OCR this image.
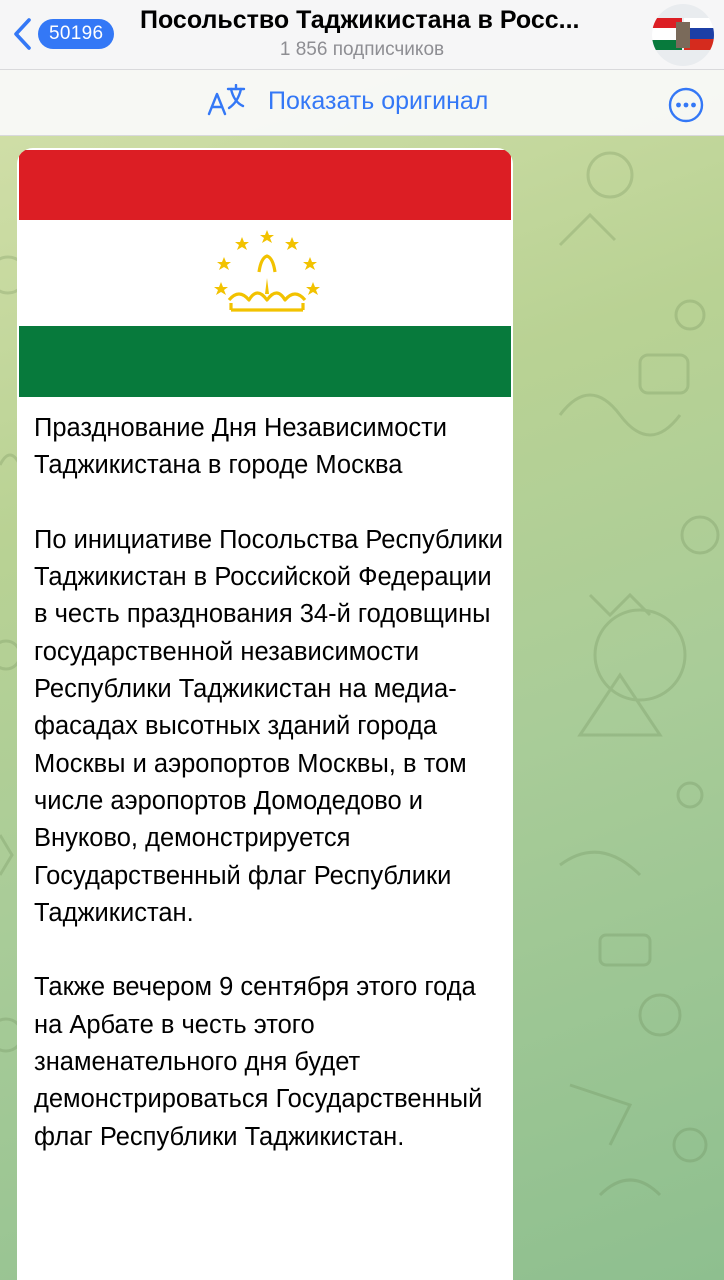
50196	Посольство Таджикистана в Росс...
1 856 подписчиков
Показать оригинал

Празднование Дня Независимости Таджикистана в городе Москва

По инициативе Посольства Республики Таджикистан в Российской Федерации в честь празднования 34-й годовщины государственной независимости Республики Таджикистан на медиа-фасадах высотных зданий города Москвы и аэропортов Москвы, в том числе аэропортов Домодедово и Внуково, демонстрируется Государственный флаг Республики Таджикистан.

Также вечером 9 сентября этого года на Арбате в честь этого знаменательного дня будет демонстрироваться Государственный флаг Республики Таджикистан.
